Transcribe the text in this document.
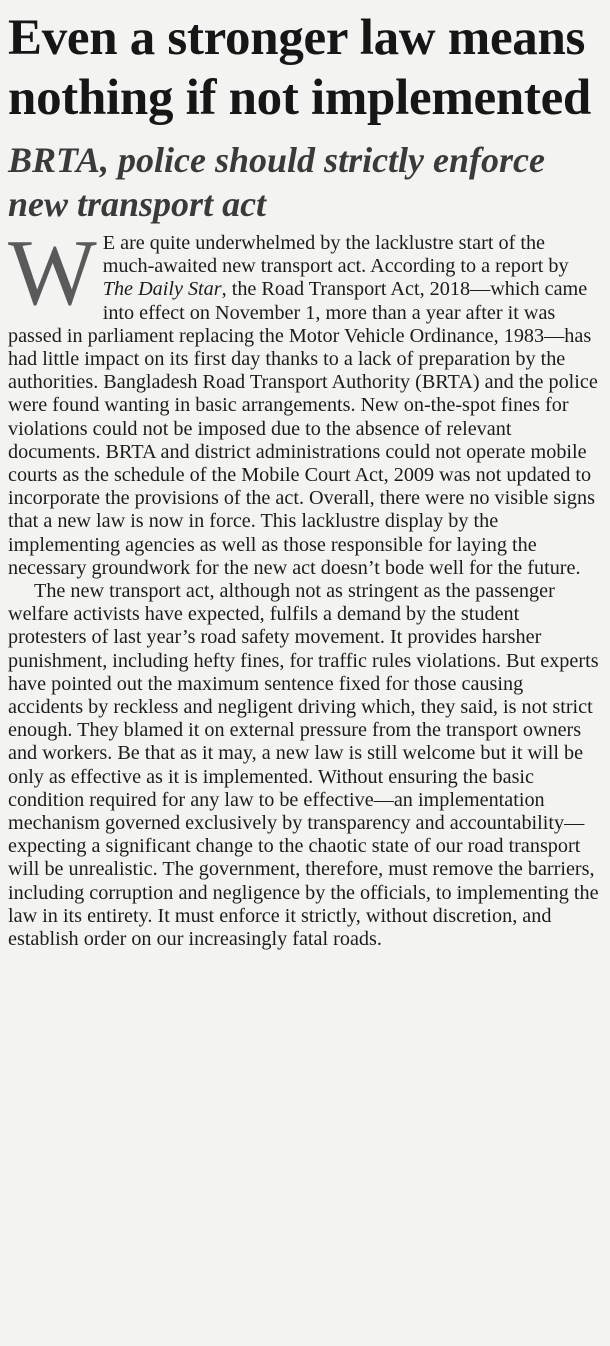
Even a stronger law means nothing if not implemented
BRTA, police should strictly enforce new transport act

W E are quite underwhelmed by the lacklustre start of the much-awaited new transport act. According to a report by The Daily Star, the Road Transport Act, 2018—which came into effect on November 1, more than a year after it was passed in parliament replacing the Motor Vehicle Ordinance, 1983—has had little impact on its first day thanks to a lack of preparation by the authorities. Bangladesh Road Transport Authority (BRTA) and the police were found wanting in basic arrangements. New on-the-spot fines for violations could not be imposed due to the absence of relevant documents. BRTA and district administrations could not operate mobile courts as the schedule of the Mobile Court Act, 2009 was not updated to incorporate the provisions of the act. Overall, there were no visible signs that a new law is now in force. This lacklustre display by the implementing agencies as well as those responsible for laying the necessary groundwork for the new act doesn’t bode well for the future.

The new transport act, although not as stringent as the passenger welfare activists have expected, fulfils a demand by the student protesters of last year’s road safety movement. It provides harsher punishment, including hefty fines, for traffic rules violations. But experts have pointed out the maximum sentence fixed for those causing accidents by reckless and negligent driving which, they said, is not strict enough. They blamed it on external pressure from the transport owners and workers. Be that as it may, a new law is still welcome but it will be only as effective as it is implemented. Without ensuring the basic condition required for any law to be effective—an implementation mechanism governed exclusively by transparency and accountability—expecting a significant change to the chaotic state of our road transport will be unrealistic. The government, therefore, must remove the barriers, including corruption and negligence by the officials, to implementing the law in its entirety. It must enforce it strictly, without discretion, and establish order on our increasingly fatal roads.
